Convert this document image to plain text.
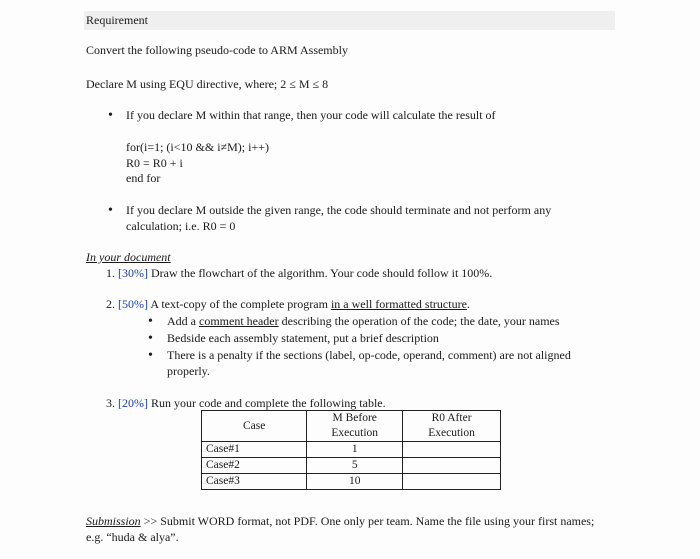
Requirement
Convert the following pseudo-code to ARM Assembly
Declare M using EQU directive, where; 2 ≤ M ≤ 8
• If you declare M within that range, then your code will calculate the result of
for(i=1; (i<10 && i≠M); i++)
R0 = R0 + i
end for
• If you declare M outside the given range, the code should terminate and not perform any
calculation; i.e. R0 = 0
In your document
1. [30%] Draw the flowchart of the algorithm. Your code should follow it 100%.
2. [50%] A text-copy of the complete program in a well formatted structure.
• Add a comment header describing the operation of the code; the date, your names
• Bedside each assembly statement, put a brief description
• There is a penalty if the sections (label, op-code, operand, comment) are not aligned
properly.
3. [20%] Run your code and complete the following table.
Case	M Before	R0 After
	Execution	Execution
Case#1	1	
Case#2	5	
Case#3	10	
Submission >> Submit WORD format, not PDF. One only per team. Name the file using your first names;
e.g. “huda & alya”.
